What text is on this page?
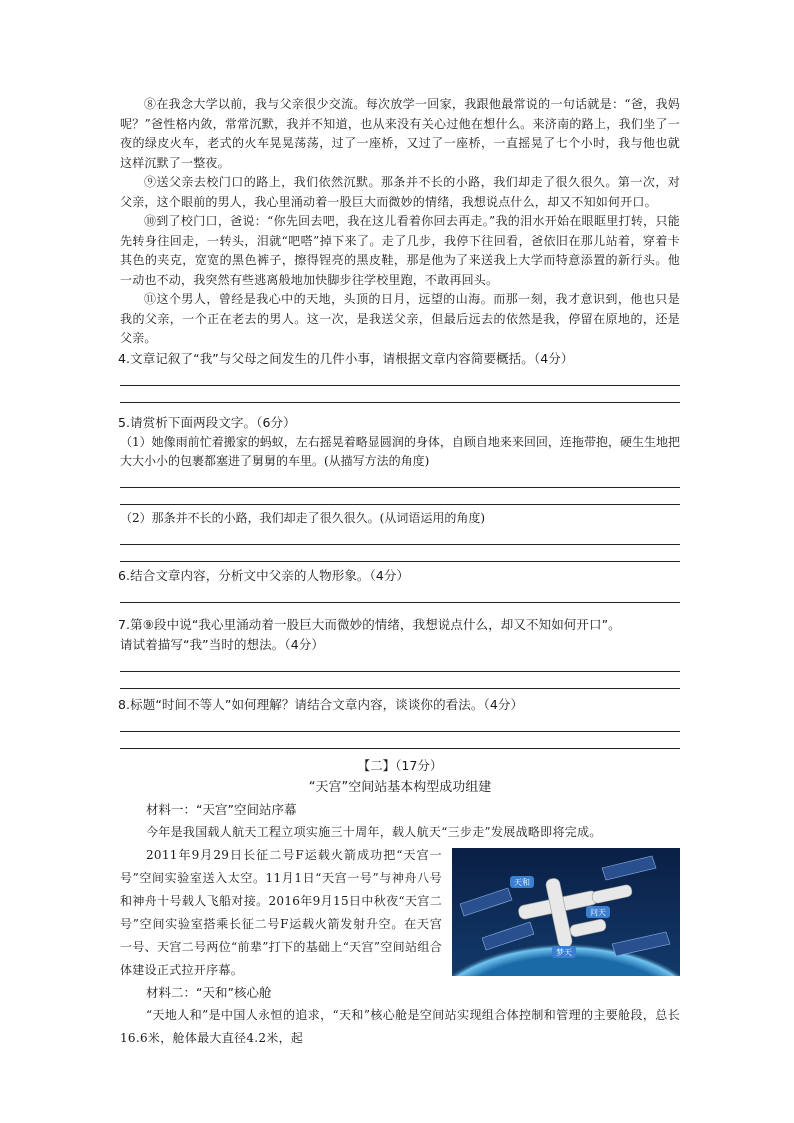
⑧在我念大学以前，我与父亲很少交流。每次放学一回家，我跟他最常说的一句话就是：“爸，我妈呢？”爸性格内敛，常常沉默，我并不知道，也从来没有关心过他在想什么。来济南的路上，我们坐了一夜的绿皮火车，老式的火车晃晃荡荡，过了一座桥，又过了一座桥，一直摇晃了七个小时，我与他也就这样沉默了一整夜。

⑨送父亲去校门口的路上，我们依然沉默。那条并不长的小路，我们却走了很久很久。第一次，对父亲，这个眼前的男人，我心里涌动着一股巨大而微妙的情绪，我想说点什么，却又不知如何开口。

⑩到了校门口，爸说：“你先回去吧，我在这儿看着你回去再走。”我的泪水开始在眼眶里打转，只能先转身往回走，一转头，泪就“吧嗒”掉下来了。走了几步，我停下往回看，爸依旧在那儿站着，穿着卡其色的夹克，宽宽的黑色裤子，擦得锃亮的黑皮鞋，那是他为了来送我上大学而特意添置的新行头。他一动也不动，我突然有些逃离般地加快脚步往学校里跑，不敢再回头。

⑪这个男人，曾经是我心中的天地，头顶的日月，远望的山海。而那一刻，我才意识到，他也只是我的父亲，一个正在老去的男人。这一次，是我送父亲，但最后远去的依然是我，停留在原地的，还是父亲。

4.文章记叙了“我”与父母之间发生的几件小事，请根据文章内容简要概括。（4分）

5.请赏析下面两段文字。（6分）

（1）她像雨前忙着搬家的蚂蚁，左右摇晃着略显圆润的身体，自顾自地来来回回，连拖带抱，硬生生地把大大小小的包裹都塞进了舅舅的车里。(从描写方法的角度)

（2）那条并不长的小路，我们却走了很久很久。(从词语运用的角度)

6.结合文章内容，分析文中父亲的人物形象。（4分）

7.第⑨段中说“我心里涌动着一股巨大而微妙的情绪，我想说点什么，却又不知如何开口”。

请试着描写“我”当时的想法。（4分）

8.标题“时间不等人”如何理解？请结合文章内容，谈谈你的看法。（4分）

【二】（17分）

“天宫”空间站基本构型成功组建

材料一：“天宫”空间站序幕

今年是我国载人航天工程立项实施三十周年，载人航天“三步走”发展战略即将完成。

天和
问天
梦天

2011年9月29日长征二号F运载火箭成功把“天宫一号”空间实验室送入太空。11月1日“天宫一号”与神舟八号和神舟十号载人飞船对接。2016年9月15日中秋夜“天宫二号”空间实验室搭乘长征二号F运载火箭发射升空。在天宫一号、天宫二号两位“前辈”打下的基础上“天宫”空间站组合体建设正式拉开序幕。

材料二：“天和”核心舱

“天地人和”是中国人永恒的追求，“天和”核心舱是空间站实现组合体控制和管理的主要舱段，总长16.6米，舱体最大直径4.2米，起
